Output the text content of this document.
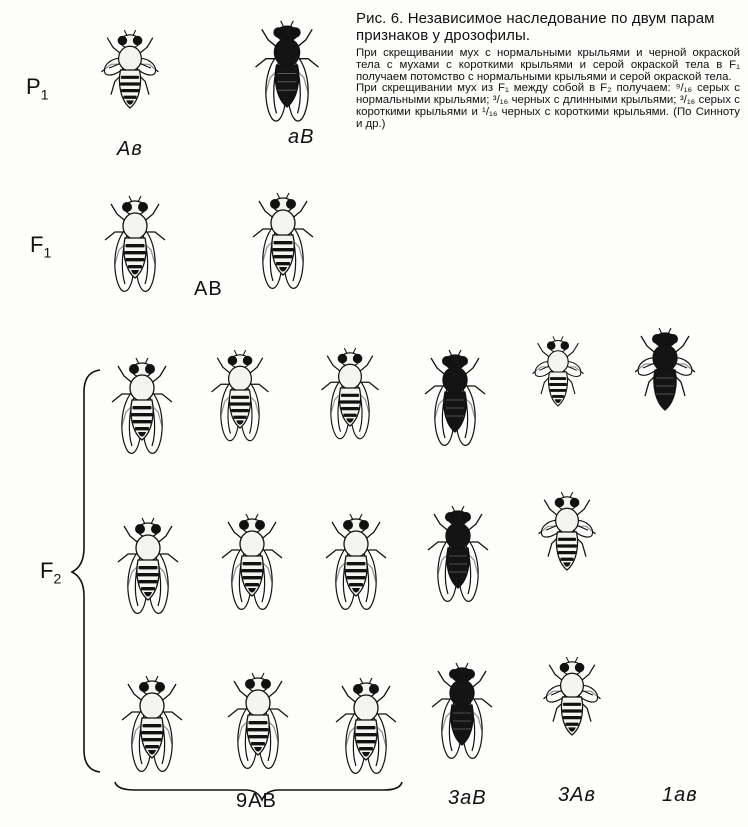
Рис. 6. Независимое наследование по двум парам признаков у дрозофилы.

При скрещивании мух с нормальными крыльями и черной окраской тела с мухами с короткими крыльями и серой окраской тела в F₁ получаем потомство с нормальными крыльями и серой окраской тела.

При скрещивании мух из F₁ между собой в F₂ получаем: ⁹/₁₆ серых с нормальными крыльями; ³/₁₆ черных с длинными крыльями; ³/₁₆ серых с короткими крыльями и ¹/₁₆ черных с короткими крыльями. (По Синноту и др.)

$P_1$
$F_1$
$F_2$
Aв
аB
AB
9AB	3аB	3Aв	1ав
